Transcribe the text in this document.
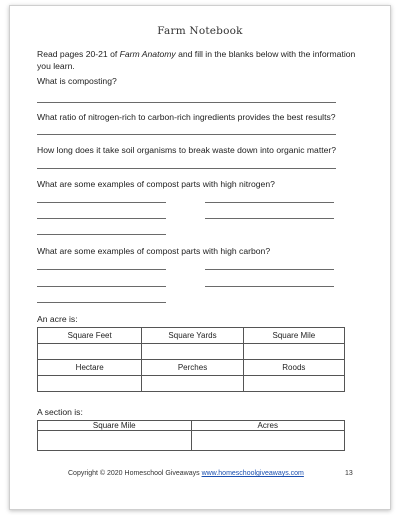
Farm Notebook
Read pages 20-21 of Farm Anatomy and fill in the blanks below with the information you learn.
What is composting?
What ratio of nitrogen-rich to carbon-rich ingredients provides the best results?
How long does it take soil organisms to break waste down into organic matter?
What are some examples of compost parts with high nitrogen?
What are some examples of compost parts with high carbon?
An acre is:
Square Feet	Square Yards	Square Mile

Hectare	Perches	Roods

A section is:
Square Mile	Acres

Copyright © 2020 Homeschool Giveaways www.homeschoolgiveaways.com	13
